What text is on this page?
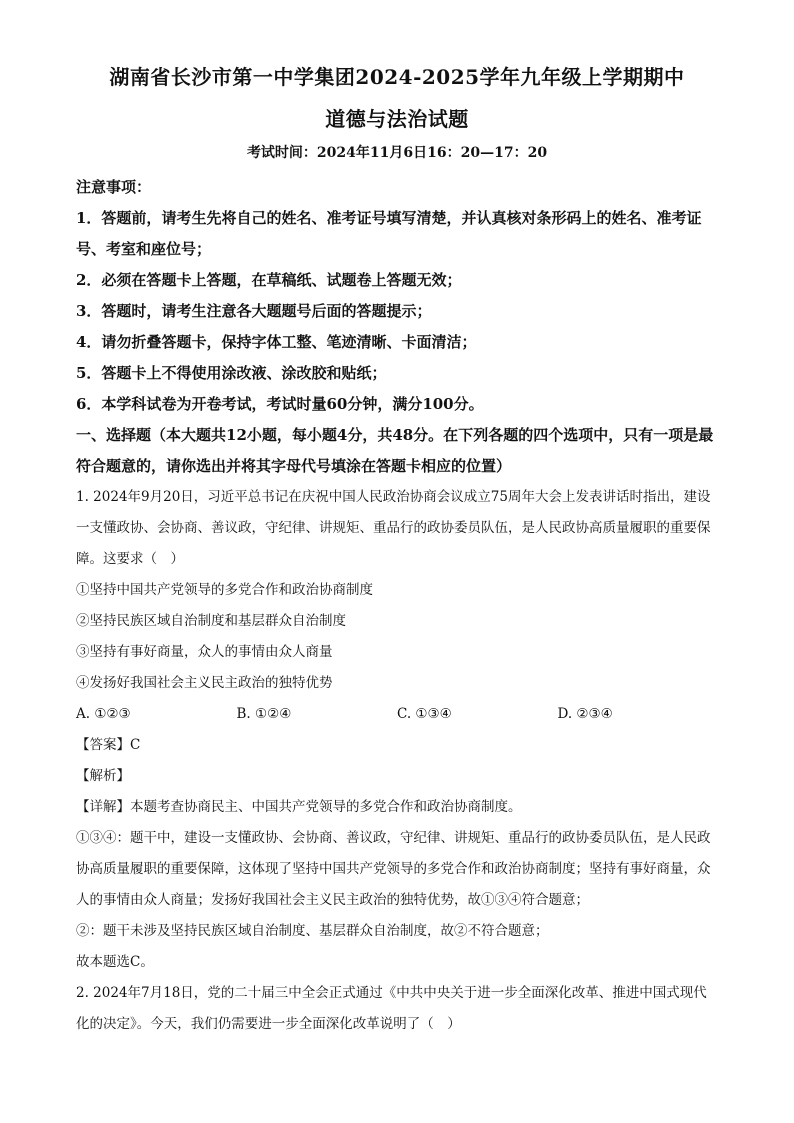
湖南省长沙市第一中学集团2024-2025学年九年级上学期期中
道德与法治试题
考试时间：2024年11月6日16：20—17：20
注意事项：
1．答题前，请考生先将自己的姓名、准考证号填写清楚，并认真核对条形码上的姓名、准考证号、考室和座位号；
2．必须在答题卡上答题，在草稿纸、试题卷上答题无效；
3．答题时，请考生注意各大题题号后面的答题提示；
4．请勿折叠答题卡，保持字体工整、笔迹清晰、卡面清洁；
5．答题卡上不得使用涂改液、涂改胶和贴纸；
6．本学科试卷为开卷考试，考试时量60分钟，满分100分。
一、选择题（本大题共12小题，每小题4分，共48分。在下列各题的四个选项中，只有一项是最符合题意的，请你选出并将其字母代号填涂在答题卡相应的位置）
1. 2024年9月20日，习近平总书记在庆祝中国人民政治协商会议成立75周年大会上发表讲话时指出，建设一支懂政协、会协商、善议政，守纪律、讲规矩、重品行的政协委员队伍，是人民政协高质量履职的重要保障。这要求（　）
①坚持中国共产党领导的多党合作和政治协商制度
②坚持民族区域自治制度和基层群众自治制度
③坚持有事好商量，众人的事情由众人商量
④发扬好我国社会主义民主政治的独特优势
A. ①②③	B. ①②④	C. ①③④	D. ②③④
【答案】C
【解析】
【详解】本题考查协商民主、中国共产党领导的多党合作和政治协商制度。
①③④：题干中，建设一支懂政协、会协商、善议政，守纪律、讲规矩、重品行的政协委员队伍，是人民政协高质量履职的重要保障，这体现了坚持中国共产党领导的多党合作和政治协商制度；坚持有事好商量，众人的事情由众人商量；发扬好我国社会主义民主政治的独特优势，故①③④符合题意；
②：题干未涉及坚持民族区域自治制度、基层群众自治制度，故②不符合题意；
故本题选C。
2. 2024年7月18日，党的二十届三中全会正式通过《中共中央关于进一步全面深化改革、推进中国式现代化的决定》。今天，我们仍需要进一步全面深化改革说明了（　）
